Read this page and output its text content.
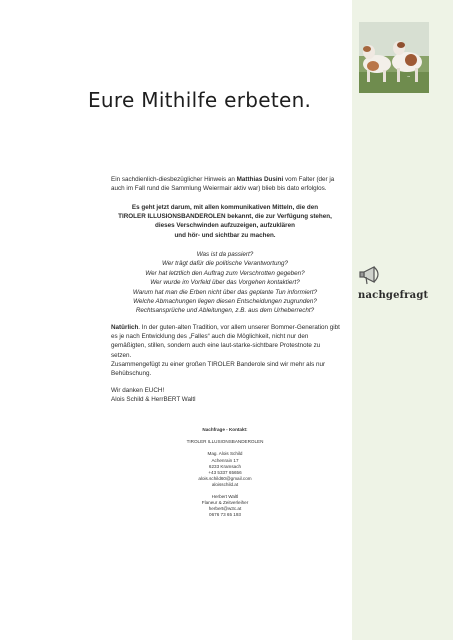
~
nachgefragt
Eure Mithilfe erbeten.
Ein sachdienlich-diesbezüglicher Hinweis an Matthias Dusini vom Falter (der ja auch im Fall rund die Sammlung Weiermair aktiv war) blieb bis dato erfolglos.
Es geht jetzt darum, mit allen kommunikativen Mitteln, die den
TIROLER ILLUSIONSBANDEROLEN bekannt, die zur Verfügung stehen,
dieses Verschwinden aufzuzeigen, aufzuklären
und hör- und sichtbar zu machen.
Was ist da passiert?
Wer trägt dafür die politische Verantwortung?
Wer hat letztlich den Auftrag zum Verschrotten gegeben?
Wer wurde im Vorfeld über das Vorgehen kontaktiert?
Warum hat man die Erben nicht über das geplante Tun informiert?
Welche Abmachungen liegen diesen Entscheidungen zugrunden?
Rechtsansprüche und Ableitungen, z.B. aus dem Urheberrecht?
Natürlich. In der guten-alten Tradition, vor allem unserer Bommer-Generation gibt es je nach Entwicklung des „Falles“ auch die Möglichkeit, nicht nur den gemäßigten, stillen, sondern auch eine laut-starke-sichtbare Protestnote zu setzen.
Zusammengefügt zu einer großen TIROLER Banderole sind wir mehr als nur Behübschung.
Wir danken EUCH!
Alois Schild & HerrBERT Waltl
Nachfrage - Kontakt:
TIROLER ILLUSIONSBANDEROLEN
Mag. Alois Schild
Achenrain 17
6233 Kramsach
+43 5337 65656
alois.schild60@gmail.com
aloisschild.at
Herbert Waltl
Flaneur & Zeitverleiher
herbert@w3c.at
0676 73 65 193
